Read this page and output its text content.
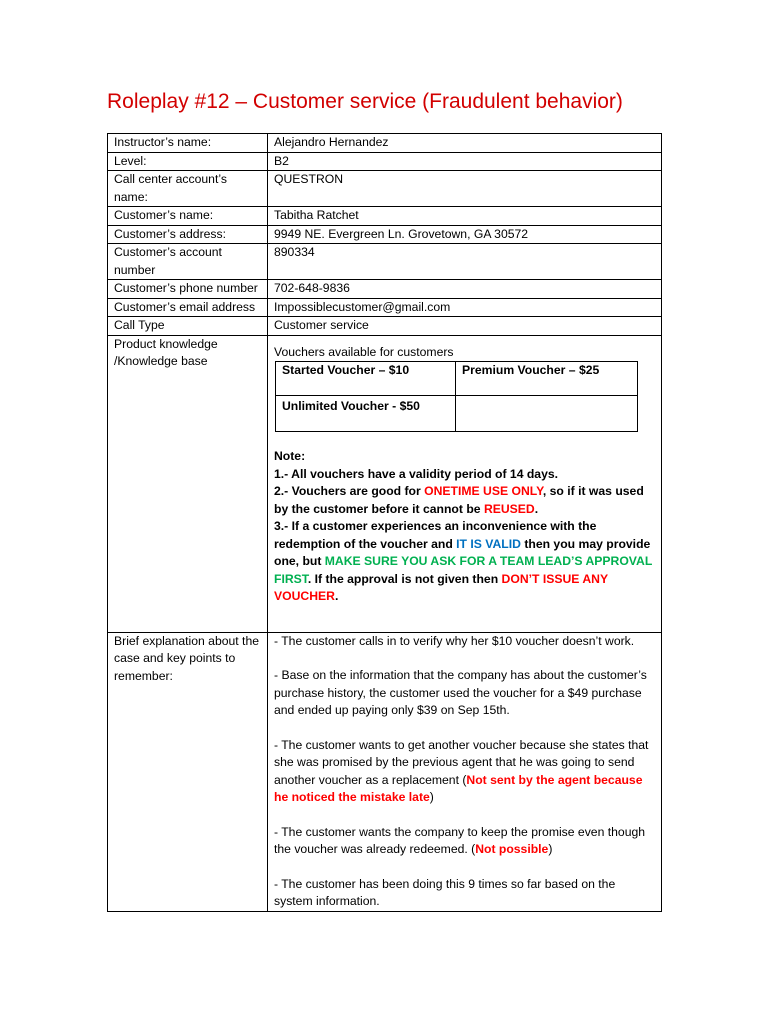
Roleplay #12 – Customer service (Fraudulent behavior)
Instructor’s name:	Alejandro Hernandez
Level:	B2
Call center account’s name:	QUESTRON
Customer’s name:	Tabitha Ratchet
Customer’s address:	9949 NE. Evergreen Ln. Grovetown, GA 30572
Customer’s account number	890334
Customer’s phone number	702-648-9836
Customer’s email address	Impossiblecustomer@gmail.com
Call Type	Customer service
Product knowledge /Knowledge base	
Vouchers available for customers
Started Voucher – $10	Premium Voucher – $25
Unlimited Voucher - $50	
Note:
1.- All vouchers have a validity period of 14 days.
2.- Vouchers are good for ONETIME USE ONLY, so if it was used by the customer before it cannot be REUSED.
3.- If a customer experiences an inconvenience with the redemption of the voucher and IT IS VALID then you may provide one, but MAKE SURE YOU ASK FOR A TEAM LEAD’S APPROVAL FIRST. If the approval is not given then DON’T ISSUE ANY VOUCHER.

Brief explanation about the case and key points to remember:	
- The customer calls in to verify why her $10 voucher doesn’t work.
- Base on the information that the company has about the customer’s purchase history, the customer used the voucher for a $49 purchase and ended up paying only $39 on Sep 15th.
- The customer wants to get another voucher because she states that she was promised by the previous agent that he was going to send another voucher as a replacement (Not sent by the agent because he noticed the mistake late)
- The customer wants the company to keep the promise even though the voucher was already redeemed. (Not possible)
- The customer has been doing this 9 times so far based on the system information.
